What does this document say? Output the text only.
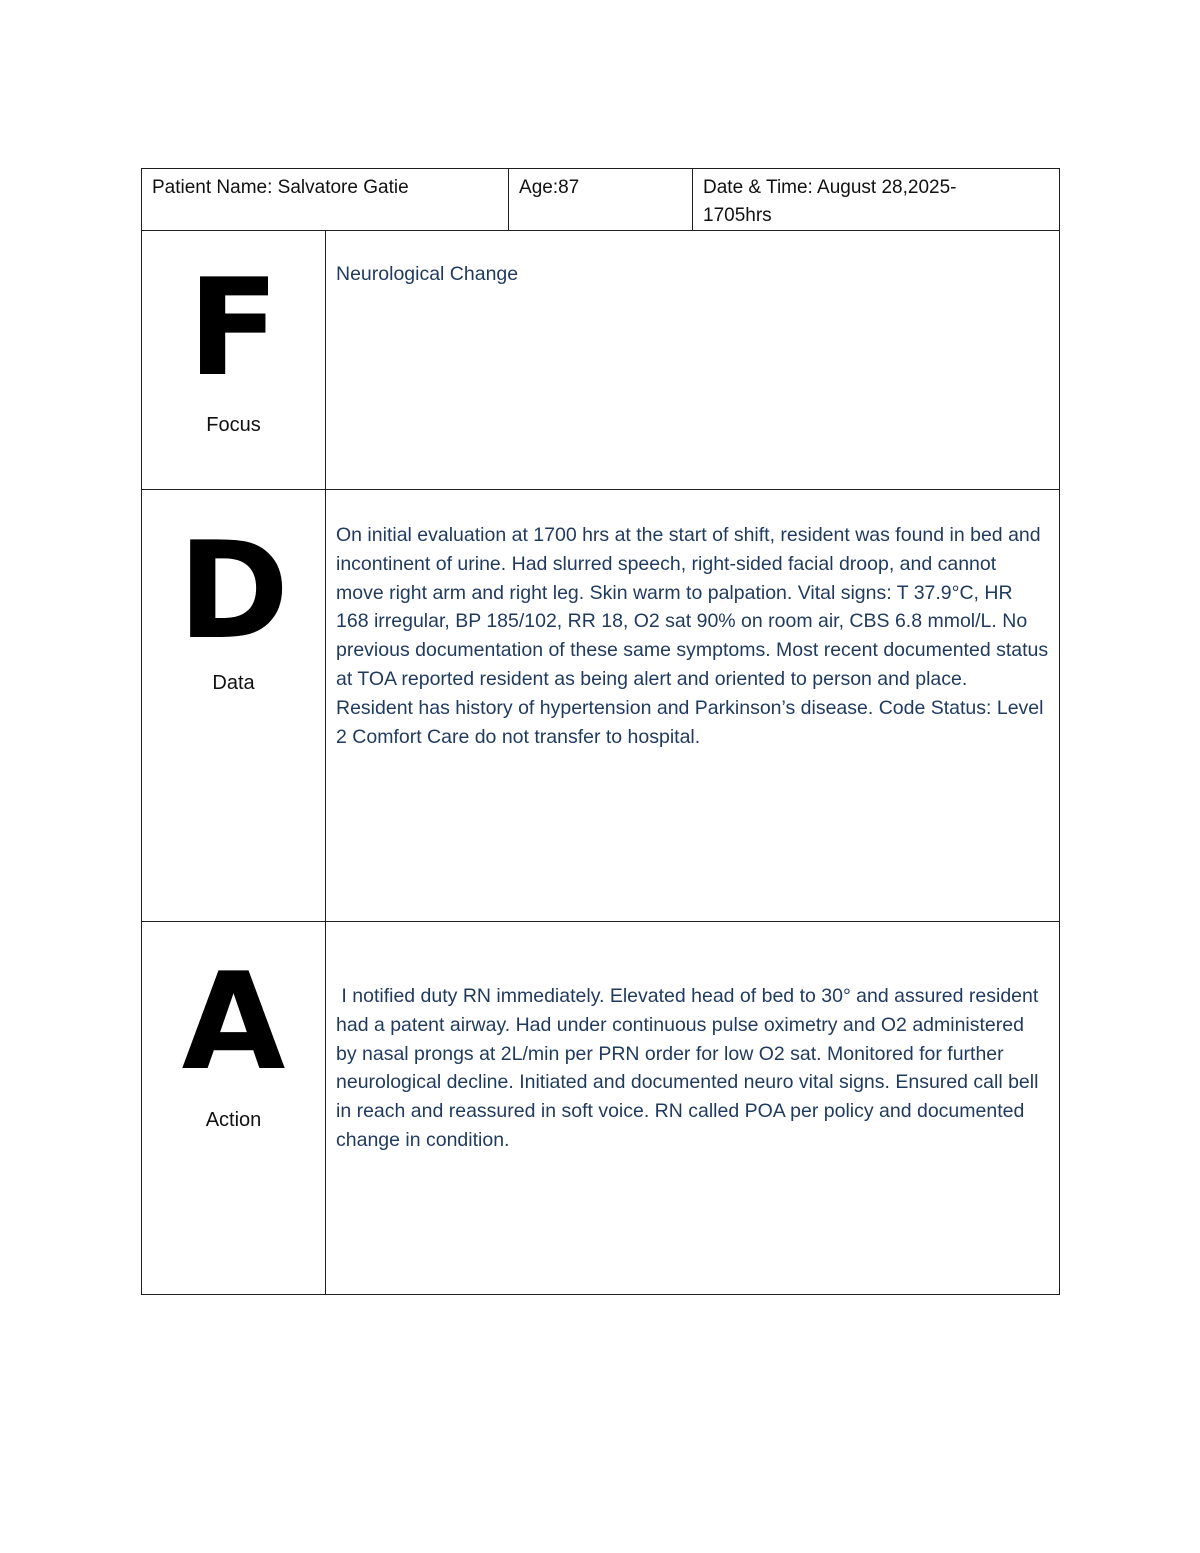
Patient Name: Salvatore Gatie		Age:87	Date & Time: August 28,2025-1705hrs

F
Focus	Neurological Change		

D
Data	On initial evaluation at 1700 hrs at the start of shift, resident was found in bed and incontinent of urine. Had slurred speech, right-sided facial droop, and cannot move right arm and right leg. Skin warm to palpation. Vital signs: T 37.9°C, HR 168 irregular, BP 185/102, RR 18, O2 sat 90% on room air, CBS 6.8 mmol/L. No previous documentation of these same symptoms. Most recent documented status at TOA reported resident as being alert and oriented to person and place. Resident has history of hypertension and Parkinson’s disease. Code Status: Level 2 Comfort Care do not transfer to hospital.		

A
Action	I notified duty RN immediately. Elevated head of bed to 30° and assured resident had a patent airway. Had under continuous pulse oximetry and O2 administered by nasal prongs at 2L/min per PRN order for low O2 sat. Monitored for further neurological decline. Initiated and documented neuro vital signs. Ensured call bell in reach and reassured in soft voice. RN called POA per policy and documented change in condition.		
